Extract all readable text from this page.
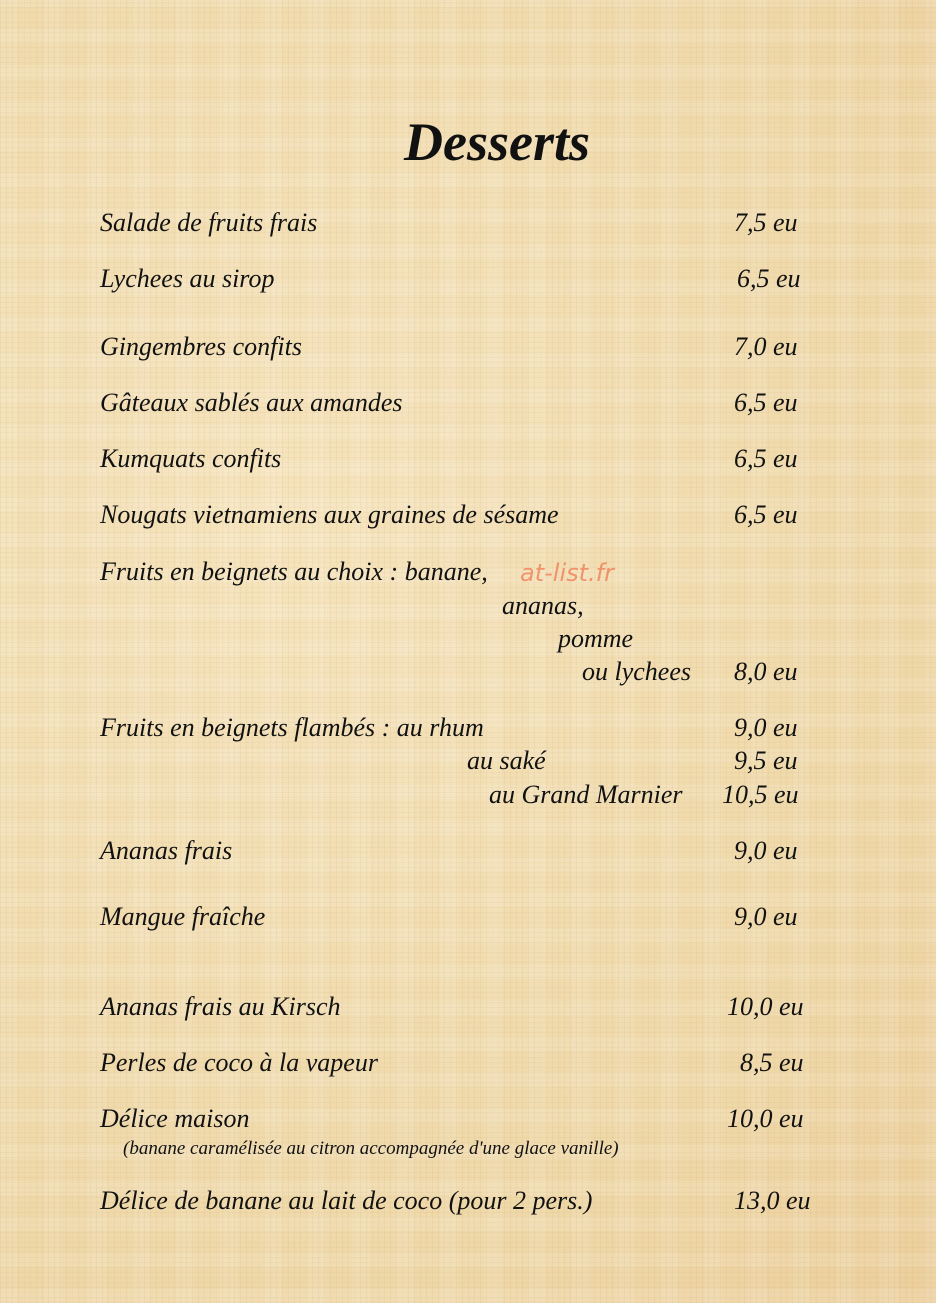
Desserts
Salade de fruits frais	7,5 eu
Lychees au sirop	6,5 eu
Gingembres confits	7,0 eu
Gâteaux sablés aux amandes	6,5 eu
Kumquats confits	6,5 eu
Nougats vietnamiens aux graines de sésame	6,5 eu
Fruits en beignets au choix : banane,
ananas,
pomme
ou lychees 8,0 eu
Fruits en beignets flambés : au rhum	9,0 eu
au saké	9,5 eu
au Grand Marnier 10,5 eu
Ananas frais	9,0 eu
Mangue fraîche	9,0 eu
Ananas frais au Kirsch	10,0 eu
Perles de coco à la vapeur	8,5 eu
Délice maison	10,0 eu
(banane caramélisée au citron accompagnée d'une glace vanille)
Délice de banane au lait de coco (pour 2 pers.)	13,0 eu
at-list.fr
